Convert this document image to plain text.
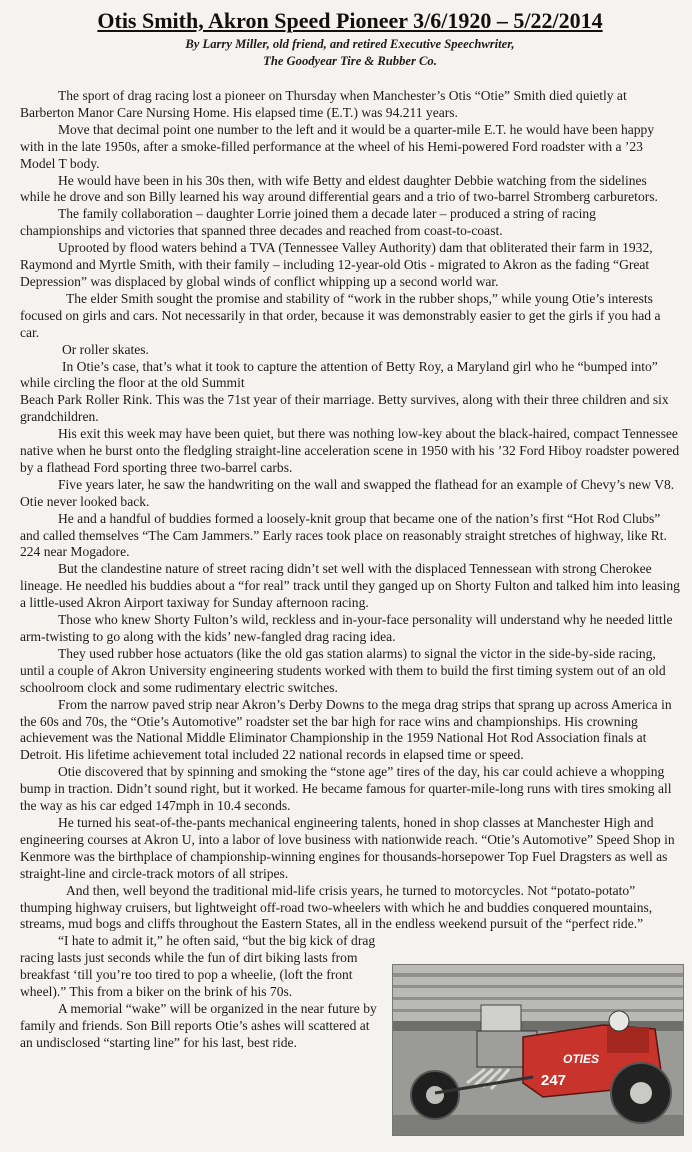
Otis Smith, Akron Speed Pioneer 3/6/1920 – 5/22/2014

By Larry Miller, old friend, and retired Executive Speechwriter,

The Goodyear Tire & Rubber Co.

The sport of drag racing lost a pioneer on Thursday when Manchester’s Otis “Otie” Smith died quietly at Barberton Manor Care Nursing Home. His elapsed time (E.T.) was 94.211 years.

Move that decimal point one number to the left and it would be a quarter-mile E.T. he would have been happy with in the late 1950s, after a smoke-filled performance at the wheel of his Hemi-powered Ford roadster with a ’23 Model T body.

He would have been in his 30s then, with wife Betty and eldest daughter Debbie watching from the sidelines while he drove and son Billy learned his way around differential gears and a trio of two-barrel Stromberg carburetors.

The family collaboration – daughter Lorrie joined them a decade later – produced a string of racing championships and victories that spanned three decades and reached from coast-to-coast.

Uprooted by flood waters behind a TVA (Tennessee Valley Authority) dam that obliterated their farm in 1932, Raymond and Myrtle Smith, with their family – including 12-year-old Otis - migrated to Akron as the fading “Great Depression” was displaced by global winds of conflict whipping up a second world war.

The elder Smith sought the promise and stability of “work in the rubber shops,” while young Otie’s interests focused on girls and cars. Not necessarily in that order, because it was demonstrably easier to get the girls if you had a car.

Or roller skates.

In Otie’s case, that’s what it took to capture the attention of Betty Roy, a Maryland girl who he “bumped into” while circling the floor at the old Summit

Beach Park Roller Rink. This was the 71st year of their marriage. Betty survives, along with their three children and six grandchildren.

His exit this week may have been quiet, but there was nothing low-key about the black-haired, compact Tennessee native when he burst onto the fledgling straight-line acceleration scene in 1950 with his ’32 Ford Hiboy roadster powered by a flathead Ford sporting three two-barrel carbs.

Five years later, he saw the handwriting on the wall and swapped the flathead for an example of Chevy’s new V8. Otie never looked back.

He and a handful of buddies formed a loosely-knit group that became one of the nation’s first “Hot Rod Clubs” and called themselves “The Cam Jammers.” Early races took place on reasonably straight stretches of highway, like Rt. 224 near Mogadore.

But the clandestine nature of street racing didn’t set well with the displaced Tennessean with strong Cherokee lineage. He needled his buddies about a “for real” track until they ganged up on Shorty Fulton and talked him into leasing a little-used Akron Airport taxiway for Sunday afternoon racing.

Those who knew Shorty Fulton’s wild, reckless and in-your-face personality will understand why he needed little arm-twisting to go along with the kids’ new-fangled drag racing idea.

They used rubber hose actuators (like the old gas station alarms) to signal the victor in the side-by-side racing, until a couple of Akron University engineering students worked with them to build the first timing system out of an old schoolroom clock and some rudimentary electric switches.

From the narrow paved strip near Akron’s Derby Downs to the mega drag strips that sprang up across America in the 60s and 70s, the “Otie’s Automotive” roadster set the bar high for race wins and championships. His crowning achievement was the National Middle Eliminator Championship in the 1959 National Hot Rod Association finals at Detroit. His lifetime achievement total included 22 national records in elapsed time or speed.

Otie discovered that by spinning and smoking the “stone age” tires of the day, his car could achieve a whopping bump in traction. Didn’t sound right, but it worked. He became famous for quarter-mile-long runs with tires smoking all the way as his car edged 147mph in 10.4 seconds.

He turned his seat-of-the-pants mechanical engineering talents, honed in shop classes at Manchester High and engineering courses at Akron U, into a labor of love business with nationwide reach. “Otie’s Automotive” Speed Shop in Kenmore was the birthplace of championship-winning engines for thousands-horsepower Top Fuel Dragsters as well as straight-line and circle-track motors of all stripes.

And then, well beyond the traditional mid-life crisis years, he turned to motorcycles. Not “potato-potato” thumping highway cruisers, but lightweight off-road two-wheelers with which he and buddies conquered mountains, streams, mud bogs and cliffs throughout the Eastern States, all in the endless weekend pursuit of the “perfect ride.”

“I hate to admit it,” he often said, “but the big kick of drag racing lasts just seconds while the fun of dirt biking lasts from breakfast ‘till you’re too tired to pop a wheelie, (loft the front wheel).” This from a biker on the brink of his 70s.

A memorial “wake” will be organized in the near future by family and friends. Son Bill reports Otie’s ashes will scattered at an undisclosed “starting line” for his last, best ride.

OTIES
247
